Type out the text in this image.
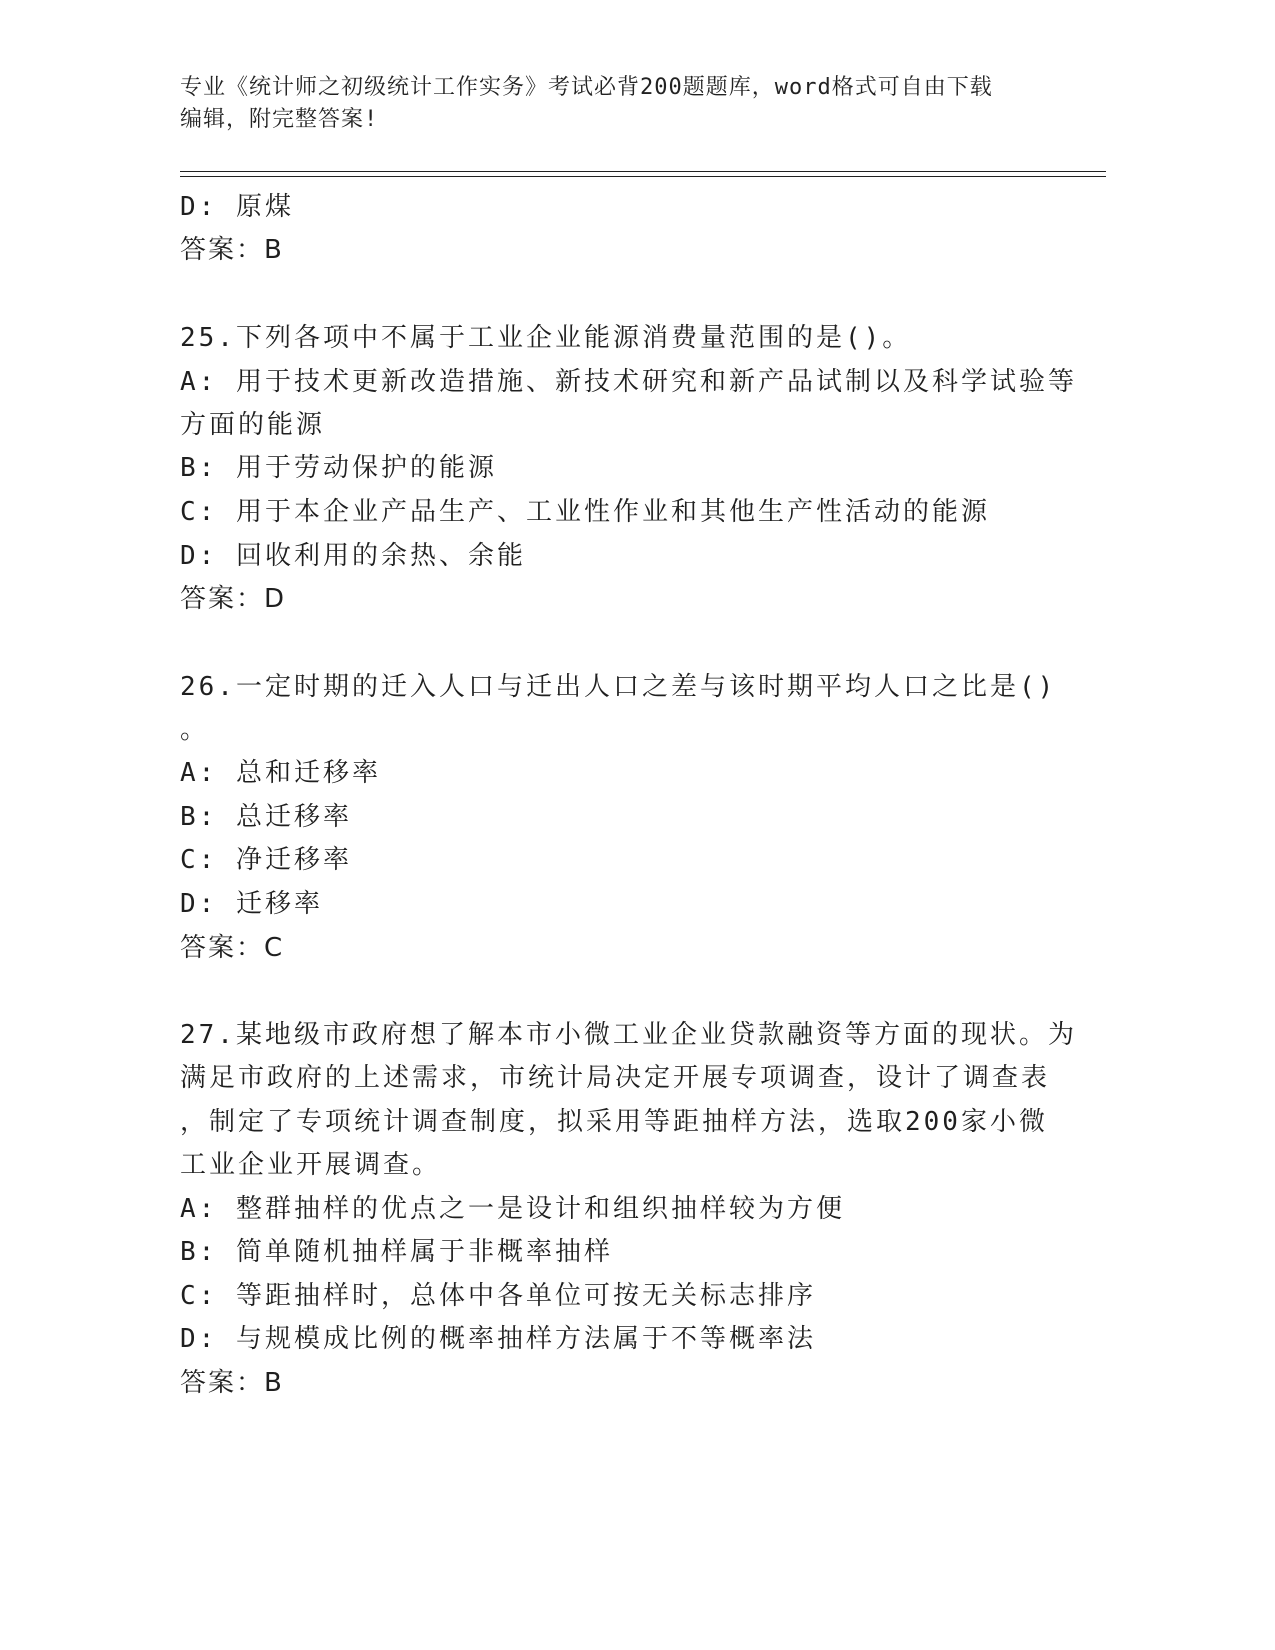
专业《统计师之初级统计工作实务》考试必背200题题库，word格式可自由下载
编辑，附完整答案!
D: 原煤
答案：B
25.下列各项中不属于工业企业能源消费量范围的是()。
A: 用于技术更新改造措施、新技术研究和新产品试制以及科学试验等
方面的能源
B: 用于劳动保护的能源
C: 用于本企业产品生产、工业性作业和其他生产性活动的能源
D: 回收利用的余热、余能
答案：D
26.一定时期的迁入人口与迁出人口之差与该时期平均人口之比是()
。
A: 总和迁移率
B: 总迁移率
C: 净迁移率
D: 迁移率
答案：C
27.某地级市政府想了解本市小微工业企业贷款融资等方面的现状。为
满足市政府的上述需求，市统计局决定开展专项调查，设计了调查表
，制定了专项统计调查制度，拟采用等距抽样方法，选取200家小微
工业企业开展调查。
A: 整群抽样的优点之一是设计和组织抽样较为方便
B: 简单随机抽样属于非概率抽样
C: 等距抽样时，总体中各单位可按无关标志排序
D: 与规模成比例的概率抽样方法属于不等概率法
答案：B
